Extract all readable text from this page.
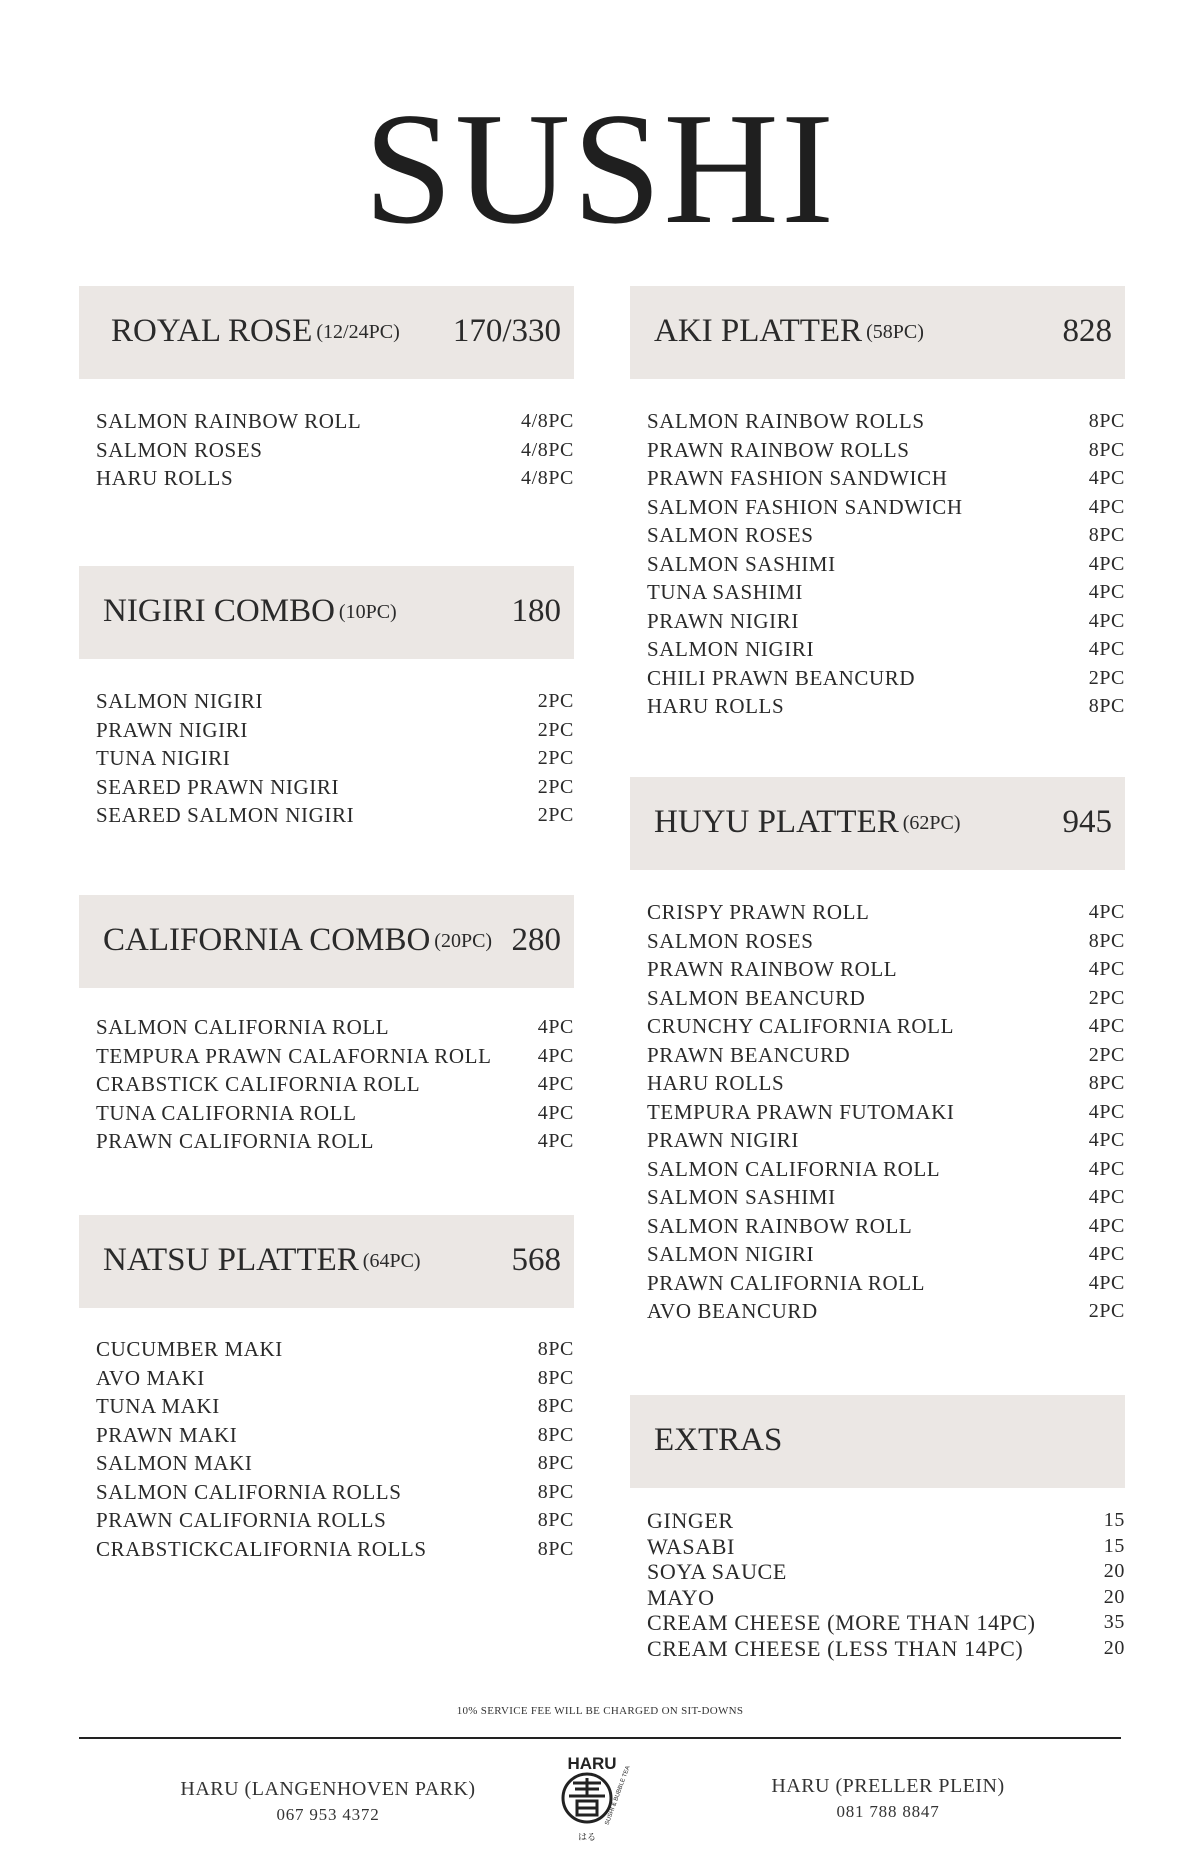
SUSHI
ROYAL ROSE (12/24PC) 170/330
SALMON RAINBOW ROLL	4/8PC
SALMON ROSES	4/8PC
HARU ROLLS	4/8PC
NIGIRI COMBO (10PC)	180
SALMON NIGIRI	2PC
PRAWN NIGIRI	2PC
TUNA NIGIRI	2PC
SEARED PRAWN NIGIRI	2PC
SEARED SALMON NIGIRI	2PC
CALIFORNIA COMBO (20PC) 280
SALMON CALIFORNIA ROLL	4PC
TEMPURA PRAWN CALAFORNIA ROLL 4PC
CRABSTICK CALIFORNIA ROLL	4PC
TUNA CALIFORNIA ROLL	4PC
PRAWN CALIFORNIA ROLL	4PC
NATSU PLATTER (64PC)	568
CUCUMBER MAKI	8PC
AVO MAKI	8PC
TUNA MAKI	8PC
PRAWN MAKI	8PC
SALMON MAKI	8PC
SALMON CALIFORNIA ROLLS	8PC
PRAWN CALIFORNIA ROLLS	8PC
CRABSTICKCALIFORNIA ROLLS	8PC
AKI PLATTER (58PC)	828
SALMON RAINBOW ROLLS	8PC
PRAWN RAINBOW ROLLS	8PC
PRAWN FASHION SANDWICH	4PC
SALMON FASHION SANDWICH	4PC
SALMON ROSES	8PC
SALMON SASHIMI	4PC
TUNA SASHIMI	4PC
PRAWN NIGIRI	4PC
SALMON NIGIRI	4PC
CHILI PRAWN BEANCURD	2PC
HARU ROLLS	8PC
HUYU PLATTER (62PC)	945
CRISPY PRAWN ROLL	4PC
SALMON ROSES	8PC
PRAWN RAINBOW ROLL	4PC
SALMON BEANCURD	2PC
CRUNCHY CALIFORNIA ROLL	4PC
PRAWN BEANCURD	2PC
HARU ROLLS	8PC
TEMPURA PRAWN FUTOMAKI	4PC
PRAWN NIGIRI	4PC
SALMON CALIFORNIA ROLL	4PC
SALMON SASHIMI	4PC
SALMON RAINBOW ROLL	4PC
SALMON NIGIRI	4PC
PRAWN CALIFORNIA ROLL	4PC
AVO BEANCURD	2PC
EXTRAS
GINGER	15
WASABI	15
SOYA SAUCE	20
MAYO	20
CREAM CHEESE (MORE THAN 14PC)	35
CREAM CHEESE (LESS THAN 14PC)	20
10% SERVICE FEE WILL BE CHARGED ON SIT-DOWNS
HARU (LANGENHOVEN PARK)
067 953 4372
HARU (PRELLER PLEIN)
081 788 8847
HARU
SUSHI & BUBBLE TEA
はる
